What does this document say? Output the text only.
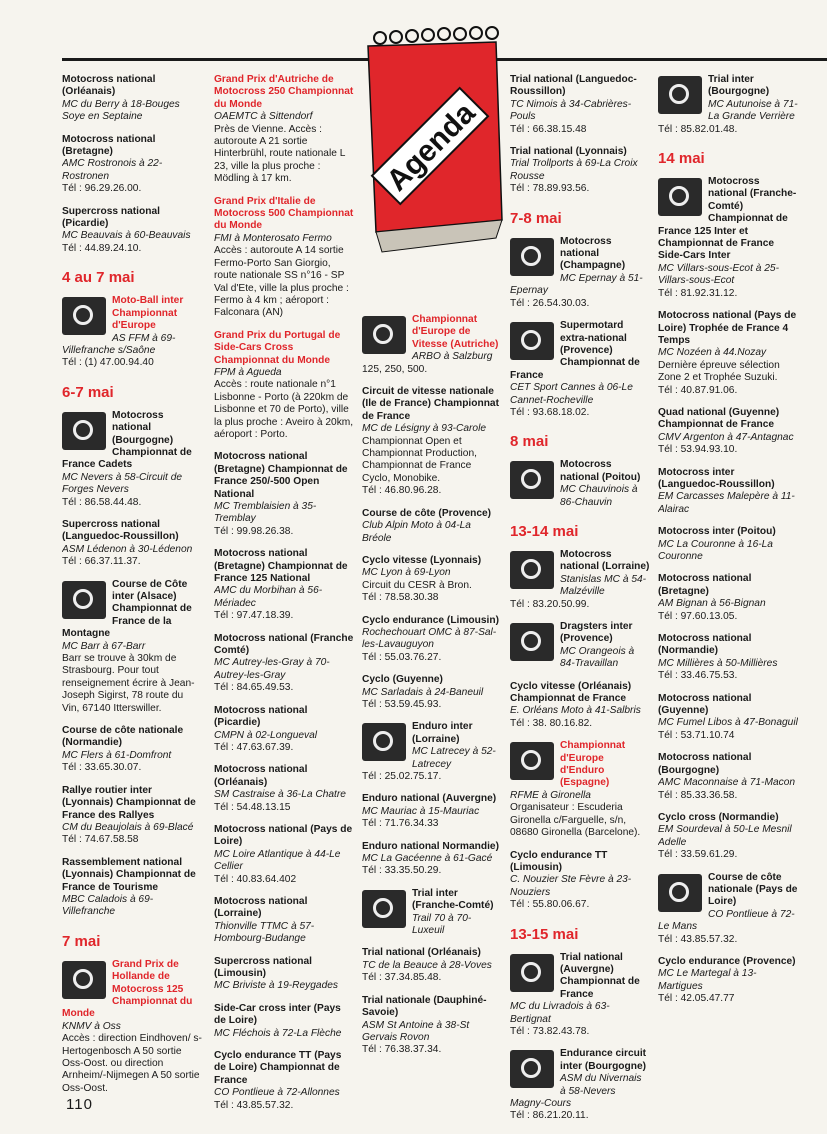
Agenda
Motocross national (Orléanais)
MC du Berry à 18-Bouges Soye en Septaine
Motocross national (Bretagne)
AMC Rostronois à 22-Rostronen
Tél : 96.29.26.00.
Supercross national (Picardie)
MC Beauvais à 60-Beauvais
Tél : 44.89.24.10.
4 au 7 mai
Moto-Ball inter Championnat d'Europe
AS FFM à 69-Villefranche s/Saône
Tél : (1) 47.00.94.40
6-7 mai
Motocross national (Bourgogne) Championnat de France Cadets
MC Nevers à 58-Circuit de Forges Nevers
Tél : 86.58.44.48.
Supercross national (Languedoc-Roussillon)
ASM Lédenon à 30-Lédenon
Tél : 66.37.11.37.
Course de Côte inter (Alsace) Championnat de France de la Montagne
MC Barr à 67-Barr
Barr se trouve à 30km de Strasbourg. Pour tout renseignement écrire à Jean-Joseph Sigirst, 78 route du Vin, 67140 Itterswiller.
Course de côte nationale (Normandie)
MC Flers à 61-Domfront
Tél : 33.65.30.07.
Rallye routier inter (Lyonnais) Championnat de France des Rallyes
CM du Beaujolais à 69-Blacé
Tél : 74.67.58.58
Rassemblement national (Lyonnais) Championnat de France de Tourisme
MBC Caladois à 69-Villefranche
7 mai
Grand Prix de Hollande de Motocross 125 Championnat du Monde
KNMV à Oss
Accès : direction Eindhoven/ s-Hertogenbosch A 50 sortie Oss-Oost. ou direction Arnheim/-Nijmegen A 50 sortie Oss-Oost.
Grand Prix d'Autriche de Motocross 250 Championnat du Monde
OAEMTC à Sittendorf
Près de Vienne. Accès : autoroute A 21 sortie Hinterbrühl, route nationale L 23, ville la plus proche : Mödling à 17 km.
Grand Prix d'Italie de Motocross 500 Championnat du Monde
FMI à Monterosato Fermo
Accès : autoroute A 14 sortie Fermo-Porto San Giorgio, route nationale SS n°16 - SP Val d'Ete, ville la plus proche : Fermo à 4 km ; aéroport : Falconara (AN)
Grand Prix du Portugal de Side-Cars Cross Championnat du Monde
FPM à Agueda
Accès : route nationale n°1 Lisbonne - Porto (à 220km de Lisbonne et 70 de Porto), ville la plus proche : Aveiro à 20km, aéroport : Porto.
Motocross national (Bretagne) Championnat de France 250/-500 Open National
MC Tremblaisien à 35-Tremblay
Tél : 99.98.26.38.
Motocross national (Bretagne) Championnat de France 125 National
AMC du Morbihan à 56-Mériadec
Tél : 97.47.18.39.
Motocross national (Franche Comté)
MC Autrey-les-Gray à 70-Autrey-les-Gray
Tél : 84.65.49.53.
Motocross national (Picardie)
CMPN à 02-Longueval
Tél : 47.63.67.39.
Motocross national (Orléanais)
SM Castraise à 36-La Chatre
Tél : 54.48.13.15
Motocross national (Pays de Loire)
MC Loire Atlantique à 44-Le Cellier
Tél : 40.83.64.402
Motocross national (Lorraine)
Thionville TTMC à 57-Hombourg-Budange
Supercross national (Limousin)
MC Briviste à 19-Reygades
Side-Car cross inter (Pays de Loire)
MC Fléchois à 72-La Flèche
Cyclo endurance TT (Pays de Loire) Championnat de France
CO Pontlieue à 72-Allonnes
Tél : 43.85.57.32.
Championnat d'Europe de Vitesse (Autriche)
ARBO à Salzburg
125, 250, 500.
Circuit de vitesse nationale (Ile de France) Championnat de France
MC de Lésigny à 93-Carole
Championnat Open et Championnat Production, Championnat de France Cyclo, Monobike.
Tél : 46.80.96.28.
Course de côte (Provence)
Club Alpin Moto à 04-La Bréole
Cyclo vitesse (Lyonnais)
MC Lyon à 69-Lyon
Circuit du CESR à Bron.
Tél : 78.58.30.38
Cyclo endurance (Limousin)
Rochechouart OMC à 87-Sal-les-Lavauguyon
Tél : 55.03.76.27.
Cyclo (Guyenne)
MC Sarladais à 24-Baneuil
Tél : 53.59.45.93.
Enduro inter (Lorraine)
MC Latrecey à 52-Latrecey
Tél : 25.02.75.17.
Enduro national (Auvergne)
MC Mauriac à 15-Mauriac
Tél : 71.76.34.33
Enduro national Normandie)
MC La Gacéenne à 61-Gacé
Tél : 33.35.50.29.
Trial inter (Franche-Comté)
Trail 70 à 70-Luxeuil
Trial national (Orléanais)
TC de la Beauce à 28-Voves
Tél : 37.34.85.48.
Trial nationale (Dauphiné-Savoie)
ASM St Antoine à 38-St Gervais Rovon
Tél : 76.38.37.34.
Trial national (Languedoc-Roussillon)
TC Nimois à 34-Cabrières-Pouls
Tél : 66.38.15.48
Trial national (Lyonnais)
Trial Trollports à 69-La Croix Rousse
Tél : 78.89.93.56.
7-8 mai
Motocross national (Champagne)
MC Epernay à 51-Epernay
Tél : 26.54.30.03.
Supermotard extra-national (Provence) Championnat de France
CET Sport Cannes à 06-Le Cannet-Rocheville
Tél : 93.68.18.02.
8 mai
Motocross national (Poitou)
MC Chauvinois à 86-Chauvin
13-14 mai
Motocross national (Lorraine)
Stanislas MC à 54-Malzéville
Tél : 83.20.50.99.
Dragsters inter (Provence)
MC Orangeois à 84-Travaillan
Cyclo vitesse (Orléanais) Championnat de France
E. Orléans Moto à 41-Salbris
Tél : 38. 80.16.82.
Championnat d'Europe d'Enduro (Espagne)
RFME à Gironella
Organisateur : Escuderia Gironella c/Farguelle, s/n, 08680 Gironella (Barcelone).
Cyclo endurance TT (Limousin)
C. Nouzier Ste Fèvre à 23-Nouziers
Tél : 55.80.06.67.
13-15 mai
Trial national (Auvergne) Championnat de France
MC du Livradois à 63-Bertignat
Tél : 73.82.43.78.
Endurance circuit inter (Bourgogne)
ASM du Nivernais à 58-Nevers Magny-Cours
Tél : 86.21.20.11.
Trial inter (Bourgogne)
MC Autunoise à 71-La Grande Verrière
Tél : 85.82.01.48.
14 mai
Motocross national (Franche-Comté) Championnat de France 125 Inter et Championnat de France Side-Cars Inter
MC Villars-sous-Ecot à 25-Villars-sous-Ecot
Tél : 81.92.31.12.
Motocross national (Pays de Loire) Trophée de France 4 Temps
MC Nozéen à 44.Nozay
Dernière épreuve sélection Zone 2 et Trophée Suzuki.
Tél : 40.87.91.06.
Quad national (Guyenne) Championnat de France
CMV Argenton à 47-Antagnac
Tél : 53.94.93.10.
Motocross inter (Languedoc-Roussillon)
EM Carcasses Malepère à 11-Alairac
Motocross inter (Poitou)
MC La Couronne à 16-La Couronne
Motocross national (Bretagne)
AM Bignan à 56-Bignan
Tél : 97.60.13.05.
Motocross national (Normandie)
MC Millières à 50-Millières
Tél : 33.46.75.53.
Motocross national (Guyenne)
MC Fumel Libos à 47-Bonaguil
Tél : 53.71.10.74
Motocross national (Bourgogne)
AMC Maconnaise à 71-Macon
Tél : 85.33.36.58.
Cyclo cross (Normandie)
EM Sourdeval à 50-Le Mesnil Adelle
Tél : 33.59.61.29.
Course de côte nationale (Pays de Loire)
CO Pontlieue à 72-Le Mans
Tél : 43.85.57.32.
Cyclo endurance (Provence)
MC Le Martegal à 13-Martigues
Tél : 42.05.47.77
110
